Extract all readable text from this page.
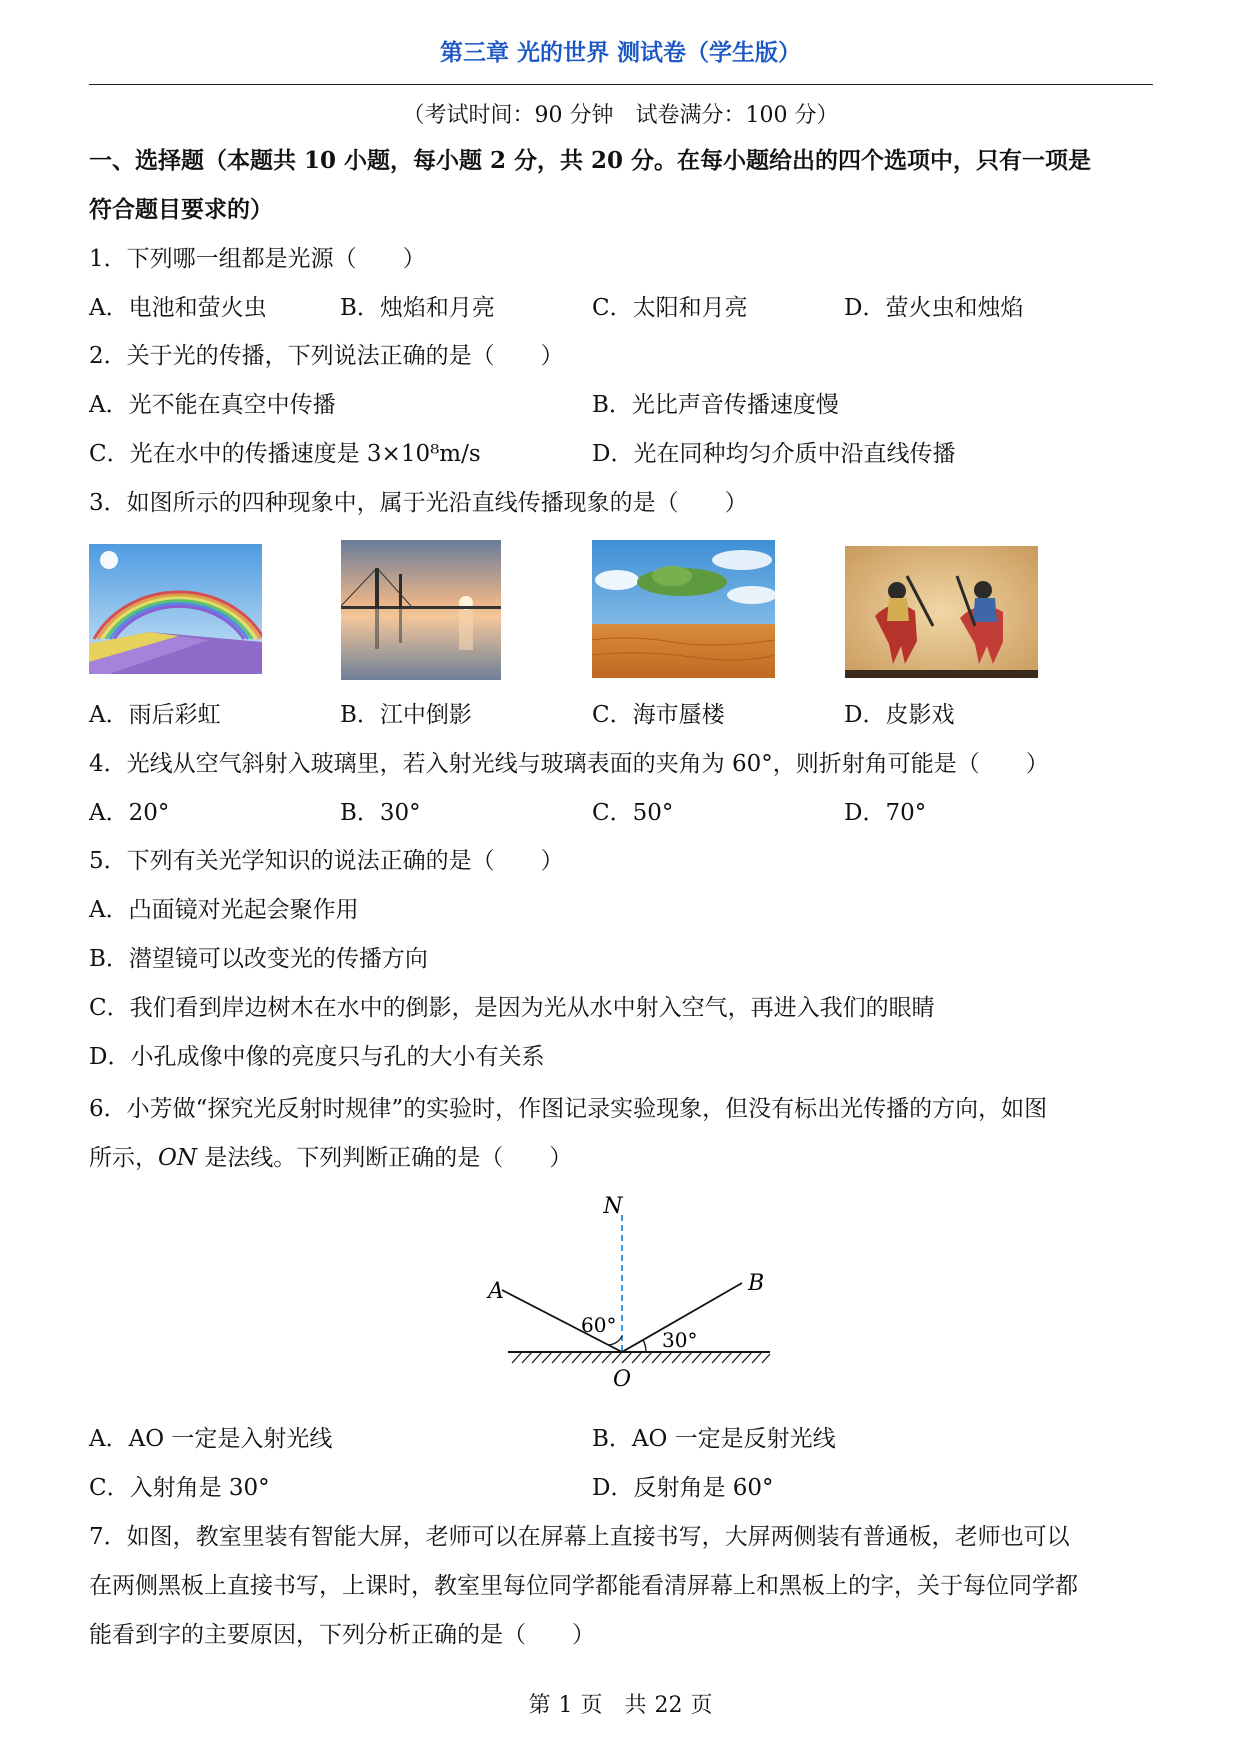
第三章 光的世界 测试卷（学生版）
（考试时间：90 分钟　试卷满分：100 分）
一、选择题（本题共 10 小题，每小题 2 分，共 20 分。在每小题给出的四个选项中，只有一项是
符合题目要求的）
1．下列哪一组都是光源（　　）
A．电池和萤火虫	B．烛焰和月亮	C．太阳和月亮	D．萤火虫和烛焰
2．关于光的传播，下列说法正确的是（　　）
A．光不能在真空中传播	B．光比声音传播速度慢
C．光在水中的传播速度是 3×10⁸m/s	D．光在同种均匀介质中沿直线传播
3．如图所示的四种现象中，属于光沿直线传播现象的是（　　）
A．雨后彩虹	B．江中倒影	C．海市蜃楼	D．皮影戏
4．光线从空气斜射入玻璃里，若入射光线与玻璃表面的夹角为 60°，则折射角可能是（　　）
A．20°	B．30°	C．50°	D．70°
5．下列有关光学知识的说法正确的是（　　）
A．凸面镜对光起会聚作用
B．潜望镜可以改变光的传播方向
C．我们看到岸边树木在水中的倒影，是因为光从水中射入空气，再进入我们的眼睛
D．小孔成像中像的亮度只与孔的大小有关系
6．小芳做“探究光反射时规律”的实验时，作图记录实验现象，但没有标出光传播的方向，如图
所示，ON 是法线。下列判断正确的是（　　）
N
A	B
O
60°
30°
A．AO 一定是入射光线	B．AO 一定是反射光线
C．入射角是 30°	D．反射角是 60°
7．如图，教室里装有智能大屏，老师可以在屏幕上直接书写，大屏两侧装有普通板，老师也可以
在两侧黑板上直接书写，上课时，教室里每位同学都能看清屏幕上和黑板上的字，关于每位同学都
能看到字的主要原因，下列分析正确的是（　　）
第 1 页　共 22 页
